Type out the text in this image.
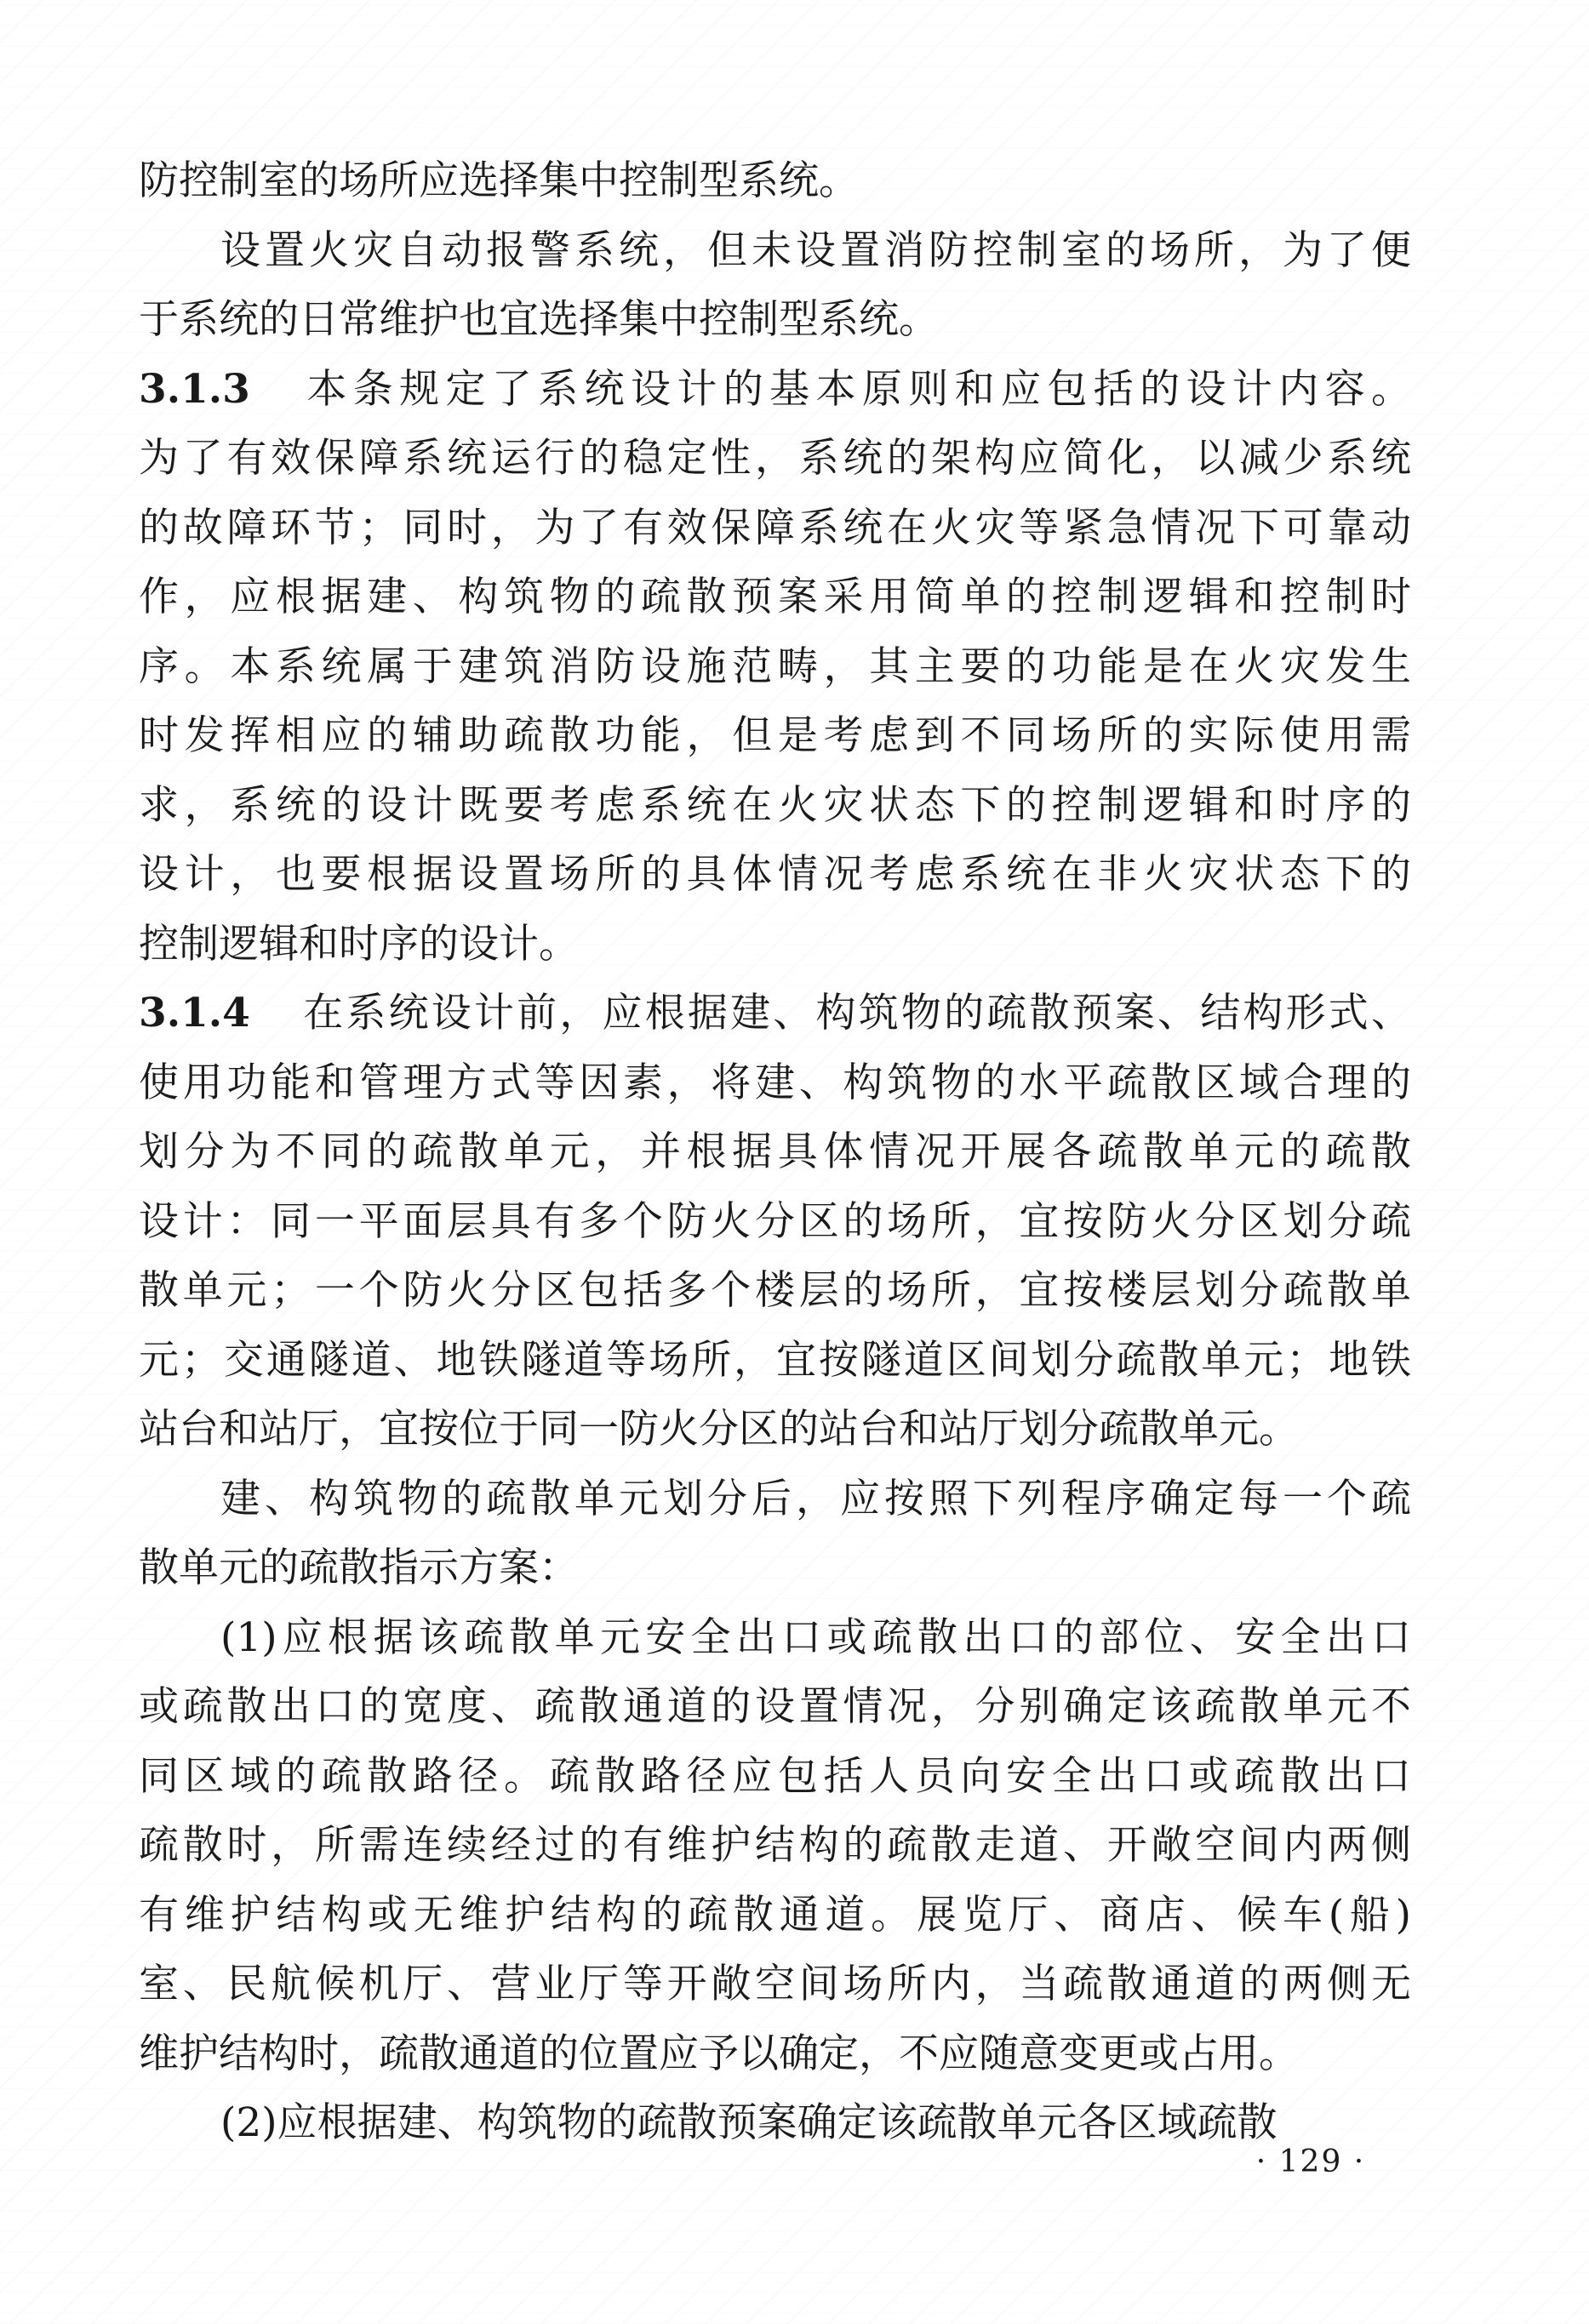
防控制室的场所应选择集中控制型系统。
设置火灾自动报警系统，但未设置消防控制室的场所，为了便
于系统的日常维护也宜选择集中控制型系统。
3.1.3 本条规定了系统设计的基本原则和应包括的设计内容。
为了有效保障系统运行的稳定性，系统的架构应简化，以减少系统
的故障环节；同时，为了有效保障系统在火灾等紧急情况下可靠动
作，应根据建、构筑物的疏散预案采用简单的控制逻辑和控制时
序。本系统属于建筑消防设施范畴，其主要的功能是在火灾发生
时发挥相应的辅助疏散功能，但是考虑到不同场所的实际使用需
求，系统的设计既要考虑系统在火灾状态下的控制逻辑和时序的
设计，也要根据设置场所的具体情况考虑系统在非火灾状态下的
控制逻辑和时序的设计。
3.1.4 在系统设计前，应根据建、构筑物的疏散预案、结构形式、
使用功能和管理方式等因素，将建、构筑物的水平疏散区域合理的
划分为不同的疏散单元，并根据具体情况开展各疏散单元的疏散
设计：同一平面层具有多个防火分区的场所，宜按防火分区划分疏
散单元；一个防火分区包括多个楼层的场所，宜按楼层划分疏散单
元；交通隧道、地铁隧道等场所，宜按隧道区间划分疏散单元；地铁
站台和站厅，宜按位于同一防火分区的站台和站厅划分疏散单元。
建、构筑物的疏散单元划分后，应按照下列程序确定每一个疏
散单元的疏散指示方案：
(1)应根据该疏散单元安全出口或疏散出口的部位、安全出口
或疏散出口的宽度、疏散通道的设置情况，分别确定该疏散单元不
同区域的疏散路径。疏散路径应包括人员向安全出口或疏散出口
疏散时，所需连续经过的有维护结构的疏散走道、开敞空间内两侧
有维护结构或无维护结构的疏散通道。展览厅、商店、候车(船)
室、民航候机厅、营业厅等开敞空间场所内，当疏散通道的两侧无
维护结构时，疏散通道的位置应予以确定，不应随意变更或占用。
(2)应根据建、构筑物的疏散预案确定该疏散单元各区域疏散
· 129 ·
